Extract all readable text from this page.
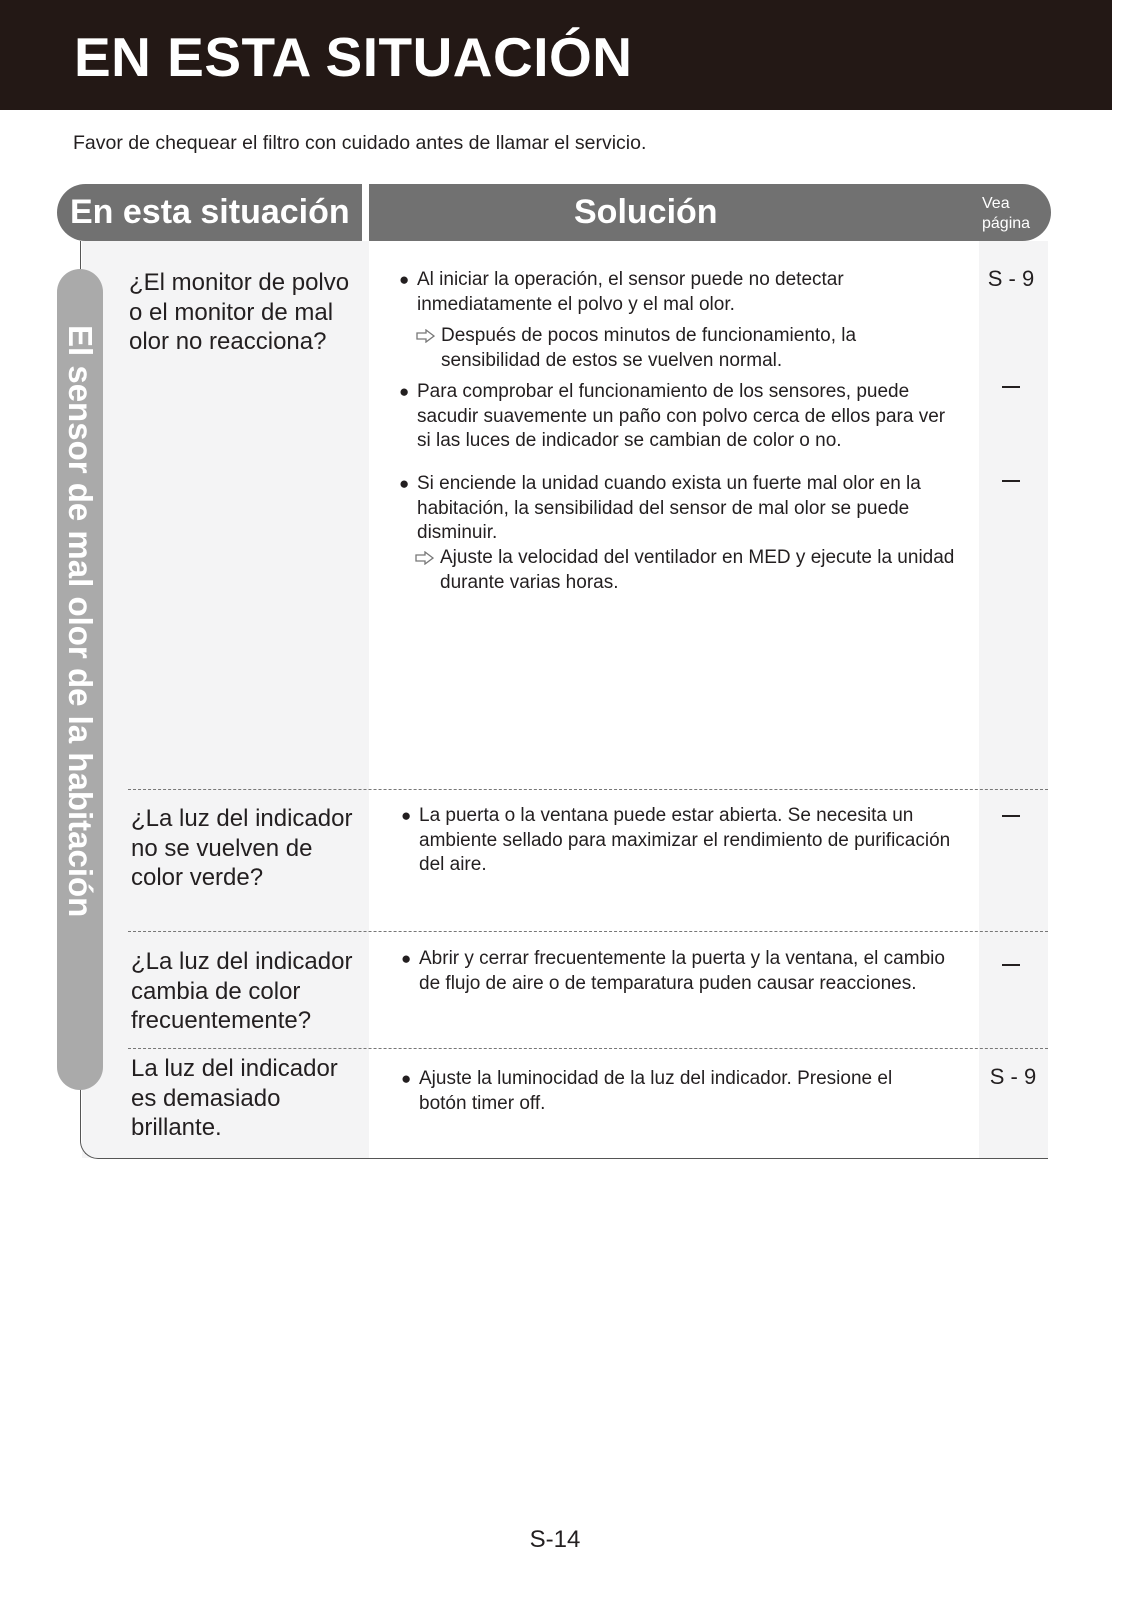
EN ESTA SITUACIÓN
Favor de chequear el filtro con cuidado antes de llamar el servicio.
En esta situación	Solución	Vea
página
El sensor de mal olor de la habitación
¿El monitor de polvo o el monitor de mal olor no reacciona?
● Al iniciar la operación, el sensor puede no detectar inmediatamente el polvo y el mal olor.
Después de pocos minutos de funcionamiento, la sensibilidad de estos se vuelven normal.
● Para comprobar el funcionamiento de los sensores, puede sacudir suavemente un paño con polvo cerca de ellos para ver si las luces de indicador se cambian de color o no.
● Si enciende la unidad cuando exista un fuerte mal olor en la habitación, la sensibilidad del sensor de mal olor se puede disminuir.
Ajuste la velocidad del ventilador en MED y ejecute la unidad durante varias horas.
S - 9
¿La luz del indicador no se vuelven de color verde?
● La puerta o la ventana puede estar abierta. Se necesita un ambiente sellado para maximizar el rendimiento de purificación del aire.
¿La luz del indicador cambia de color frecuentemente?
● Abrir y cerrar frecuentemente la puerta y la ventana, el cambio de flujo de aire o de temparatura puden causar reacciones.
La luz del indicador es demasiado brillante.
● Ajuste la luminocidad de la luz del indicador. Presione el botón timer off.
S - 9
S-14
